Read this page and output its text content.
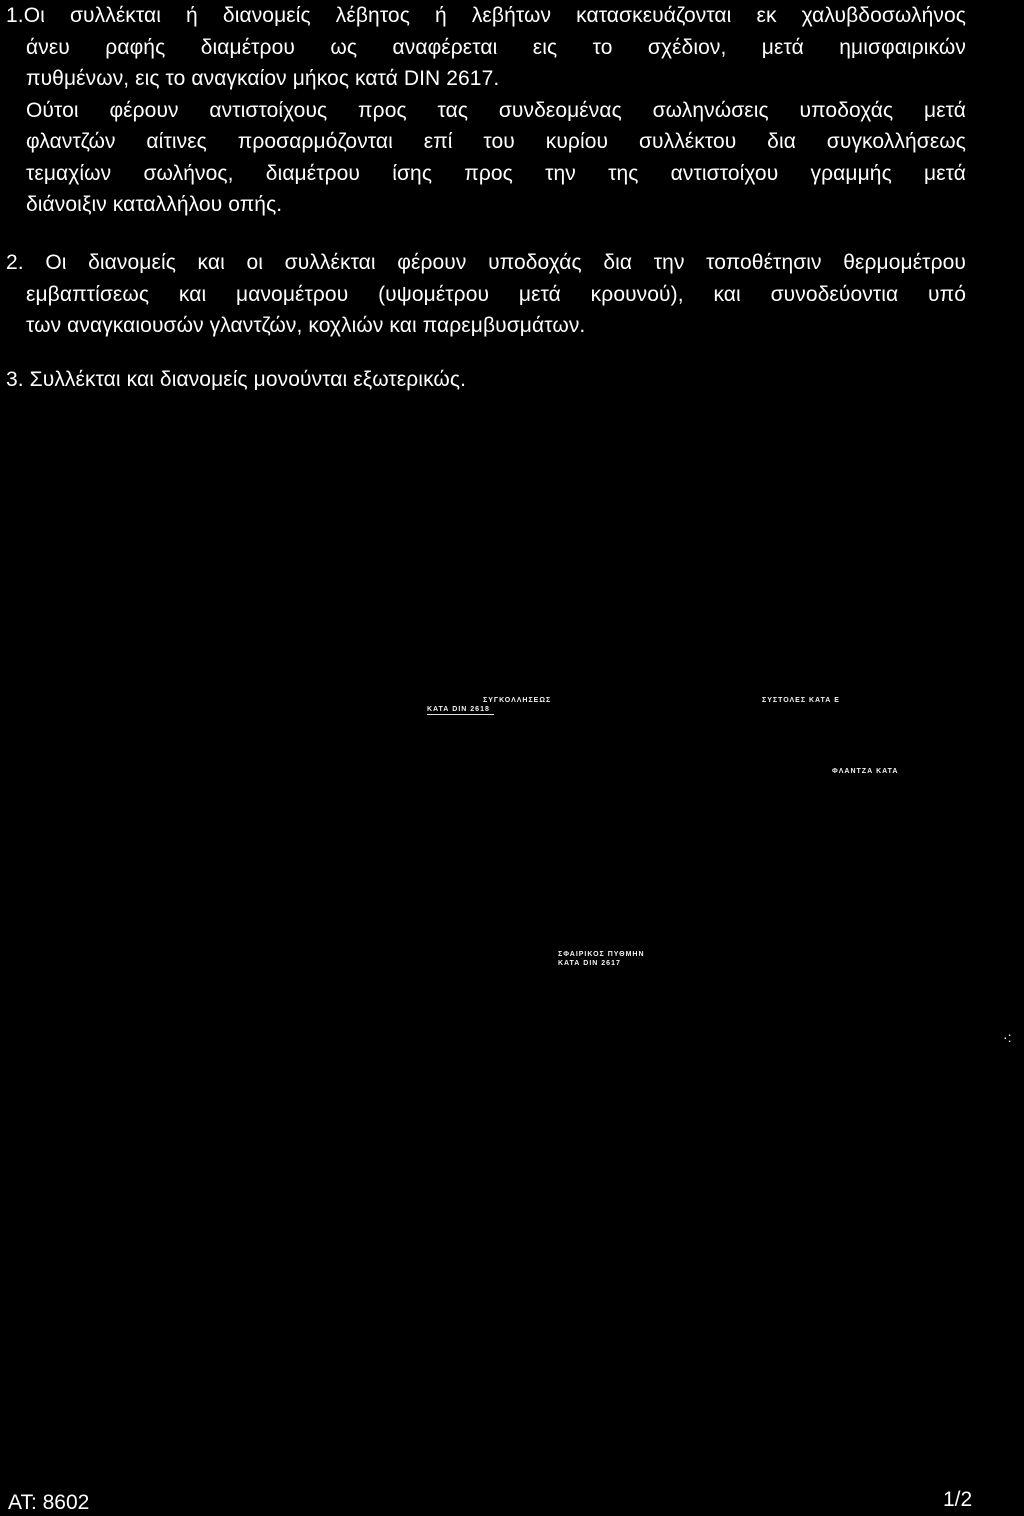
1.Οι συλλέκται ή διανομείς λέβητος ή λεβήτων κατασκευάζονται εκ χαλυβδοσωλήνος
άνευ ραφής διαμέτρου ως αναφέρεται εις το σχέδιον, μετά ημισφαιρικών
πυθμένων, εις το αναγκαίον μήκος κατά DIN 2617.
Ούτοι φέρουν αντιστοίχους προς τας συνδεομένας σωληνώσεις υποδοχάς μετά
φλαντζών αίτινες προσαρμόζονται επί του κυρίου συλλέκτου δια συγκολλήσεως
τεμαχίων σωλήνος, διαμέτρου ίσης προς την της αντιστοίχου γραμμής μετά
διάνοιξιν καταλλήλου οπής.
2. Οι διανομείς και οι συλλέκται φέρουν υποδοχάς δια την τοποθέτησιν θερμομέτρου
εμβαπτίσεως και μανομέτρου (υψομέτρου μετά κρουνού), και συνοδεύοντια υπό
των αναγκαιουσών γλαντζών, κοχλιών και παρεμβυσμάτων.
3. Συλλέκται και διανομείς μονούνται εξωτερικώς.
ΣΥΓΚΟΛΛΗΣΕΩΣ
ΚΑΤΑ DIN 2618
ΣΥΣΤΟΛΕΣ ΚΑΤΑ Ε
ΦΛΑΝΤΖΑ ΚΑΤΑ
ΣΦΑΙΡΙΚΟΣ ΠΥΘΜΗΝ
ΚΑΤΑ DIN 2617
·:
AT: 8602	1/2
